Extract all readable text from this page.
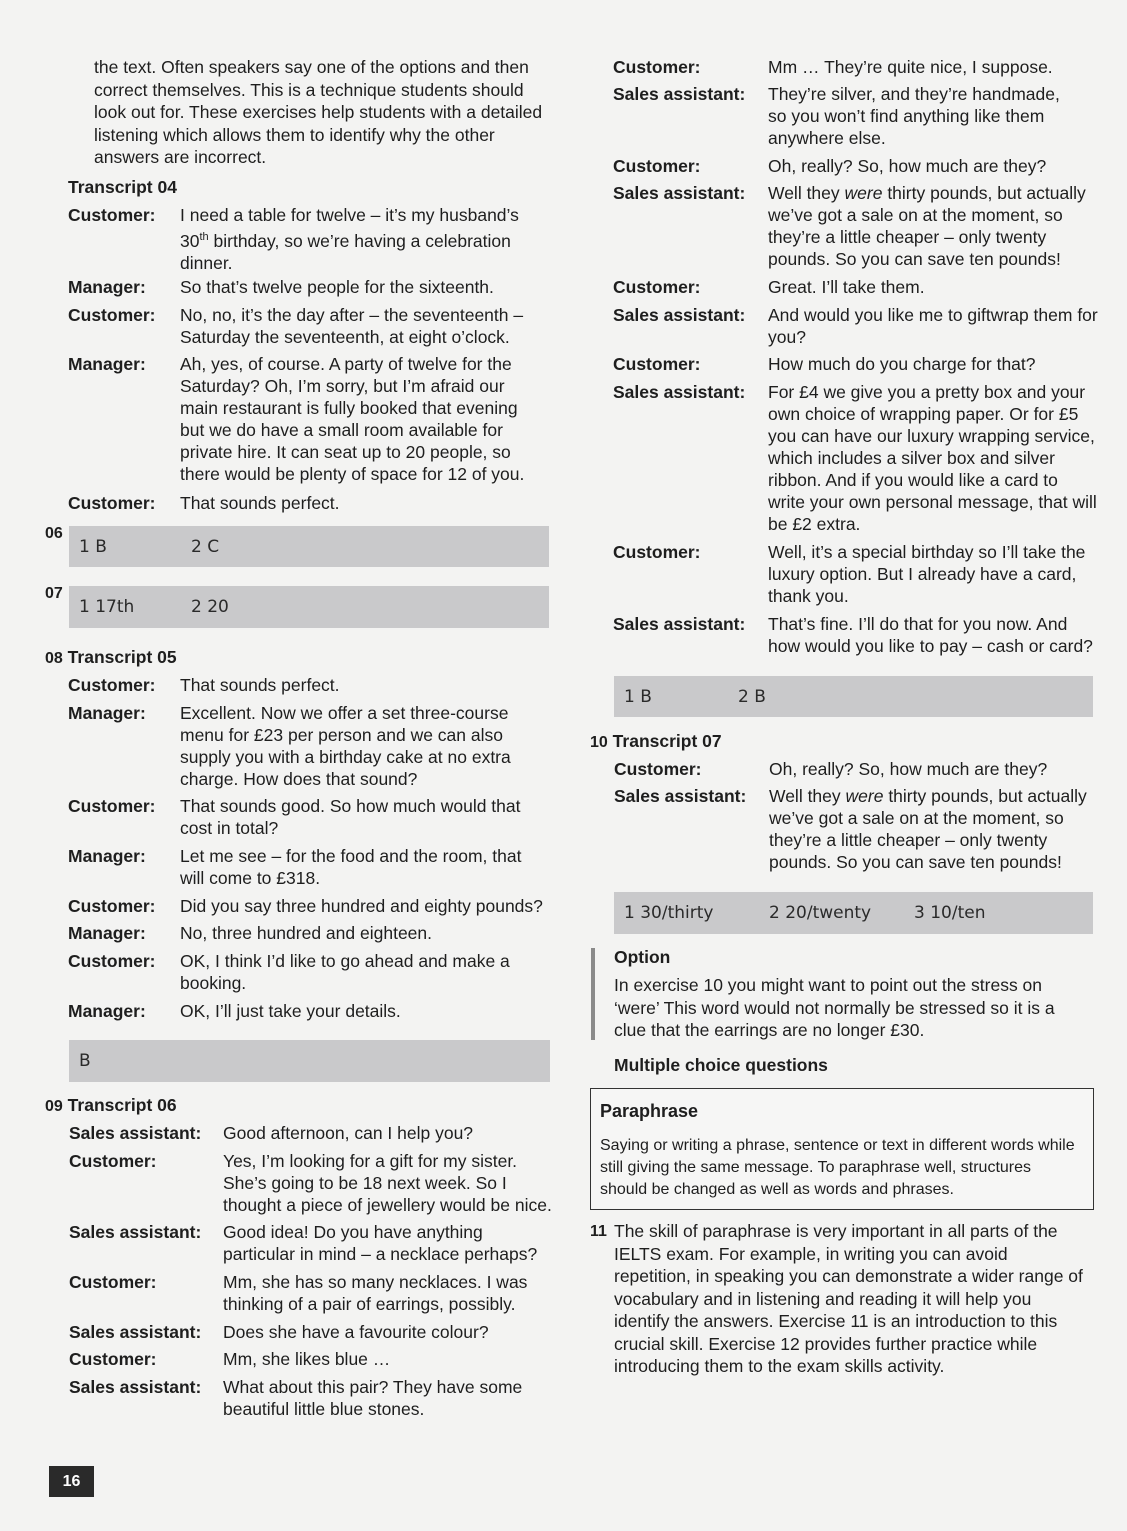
the text. Often speakers say one of the options and then correct themselves. This is a technique students should look out for. These exercises help students with a detailed listening which allows them to identify why the other answers are incorrect.
Transcript 04
Customer: I need a table for twelve – it’s my husband’s 30th birthday, so we’re having a celebration dinner.
Manager: So that’s twelve people for the sixteenth.
Customer: No, no, it’s the day after – the seventeenth – Saturday the seventeenth, at eight o’clock.
Manager: Ah, yes, of course. A party of twelve for the Saturday? Oh, I’m sorry, but I’m afraid our main restaurant is fully booked that evening but we do have a small room available for private hire. It can seat up to 20 people, so there would be plenty of space for 12 of you.
Customer: That sounds perfect.
06
1 B	2 C
07
1 17th	2 20
08 Transcript 05
Customer: That sounds perfect.
Manager: Excellent. Now we offer a set three-course menu for £23 per person and we can also supply you with a birthday cake at no extra charge. How does that sound?
Customer: That sounds good. So how much would that cost in total?
Manager: Let me see – for the food and the room, that will come to £318.
Customer: Did you say three hundred and eighty pounds?
Manager: No, three hundred and eighteen.
Customer: OK, I think I’d like to go ahead and make a booking.
Manager: OK, I’ll just take your details.
B
09 Transcript 06
Sales assistant: Good afternoon, can I help you?
Customer:	Yes, I’m looking for a gift for my sister. She’s going to be 18 next week. So I thought a piece of jewellery would be nice.
Sales assistant: Good idea! Do you have anything particular in mind – a necklace perhaps?
Customer:	Mm, she has so many necklaces. I was thinking of a pair of earrings, possibly.
Sales assistant: Does she have a favourite colour?
Customer:	Mm, she likes blue …
Sales assistant: What about this pair? They have some beautiful little blue stones.
16
Customer:	Mm … They’re quite nice, I suppose.
Sales assistant: They’re silver, and they’re handmade, so you won’t find anything like them anywhere else.
Customer:	Oh, really? So, how much are they?
Sales assistant: Well they were thirty pounds, but actually we’ve got a sale on at the moment, so they’re a little cheaper – only twenty pounds. So you can save ten pounds!
Customer:	Great. I’ll take them.
Sales assistant: And would you like me to giftwrap them for you?
Customer:	How much do you charge for that?
Sales assistant: For £4 we give you a pretty box and your own choice of wrapping paper. Or for £5 you can have our luxury wrapping service, which includes a silver box and silver ribbon. And if you would like a card to write your own personal message, that will be £2 extra.
Customer:	Well, it’s a special birthday so I’ll take the luxury option. But I already have a card, thank you.
Sales assistant: That’s fine. I’ll do that for you now. And how would you like to pay – cash or card?
1 B	2 B
10 Transcript 07
Customer:	Oh, really? So, how much are they?
Sales assistant: Well they were thirty pounds, but actually we’ve got a sale on at the moment, so they’re a little cheaper – only twenty pounds. So you can save ten pounds!
1 30/thirty	2 20/twenty	3 10/ten
Option
In exercise 10 you might want to point out the stress on ‘were’ This word would not normally be stressed so it is a clue that the earrings are no longer £30.
Multiple choice questions
Paraphrase
Saying or writing a phrase, sentence or text in different words while still giving the same message. To paraphrase well, structures should be changed as well as words and phrases.
11 The skill of paraphrase is very important in all parts of the IELTS exam. For example, in writing you can avoid repetition, in speaking you can demonstrate a wider range of vocabulary and in listening and reading it will help you identify the answers. Exercise 11 is an introduction to this crucial skill. Exercise 12 provides further practice while introducing them to the exam skills activity.
